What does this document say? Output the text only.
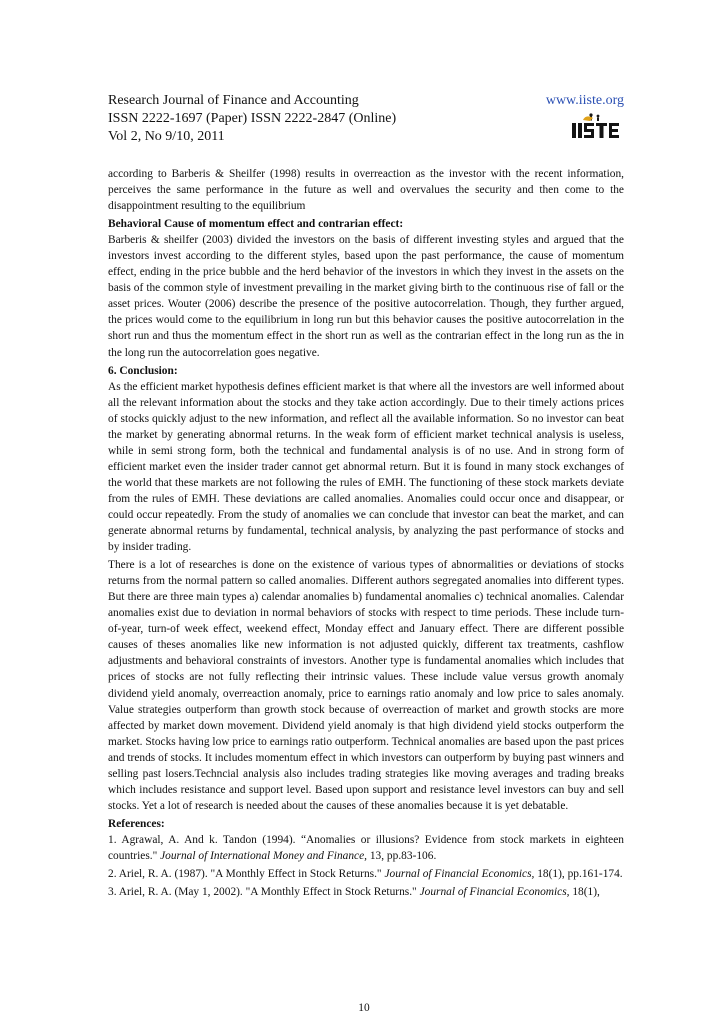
Research Journal of Finance and Accounting	www.iiste.org
ISSN 2222-1697 (Paper) ISSN 2222-2847 (Online)
Vol 2, No 9/10, 2011

according to Barberis & Sheilfer (1998) results in overreaction as the investor with the recent information, perceives the same performance in the future as well and overvalues the security and then come to the disappointment resulting to the equilibrium

Behavioral Cause of momentum effect and contrarian effect:

Barberis & sheilfer (2003) divided the investors on the basis of different investing styles and argued that the investors invest according to the different styles, based upon the past performance, the cause of momentum effect, ending in the price bubble and the herd behavior of the investors in which they invest in the assets on the basis of the common style of investment prevailing in the market giving birth to the continuous rise of fall or the asset prices. Wouter (2006) describe the presence of the positive autocorrelation. Though, they further argued, the prices would come to the equilibrium in long run but this behavior causes the positive autocorrelation in the short run and thus the momentum effect in the short run as well as the contrarian effect in the long run as the in the long run the autocorrelation goes negative.

6. Conclusion:

As the efficient market hypothesis defines efficient market is that where all the investors are well informed about all the relevant information about the stocks and they take action accordingly. Due to their timely actions prices of stocks quickly adjust to the new information, and reflect all the available information. So no investor can beat the market by generating abnormal returns. In the weak form of efficient market technical analysis is useless, while in semi strong form, both the technical and fundamental analysis is of no use. And in strong form of efficient market even the insider trader cannot get abnormal return. But it is found in many stock exchanges of the world that these markets are not following the rules of EMH. The functioning of these stock markets deviate from the rules of EMH. These deviations are called anomalies. Anomalies could occur once and disappear, or could occur repeatedly. From the study of anomalies we can conclude that investor can beat the market, and can generate abnormal returns by fundamental, technical analysis, by analyzing the past performance of stocks and by insider trading.

There is a lot of researches is done on the existence of various types of abnormalities or deviations of stocks returns from the normal pattern so called anomalies. Different authors segregated anomalies into different types. But there are three main types a) calendar anomalies b) fundamental anomalies c) technical anomalies. Calendar anomalies exist due to deviation in normal behaviors of stocks with respect to time periods. These include turn-of-year, turn-of week effect, weekend effect, Monday effect and January effect. There are different possible causes of theses anomalies like new information is not adjusted quickly, different tax treatments, cashflow adjustments and behavioral constraints of investors. Another type is fundamental anomalies which includes that prices of stocks are not fully reflecting their intrinsic values. These include value versus growth anomaly dividend yield anomaly, overreaction anomaly, price to earnings ratio anomaly and low price to sales anomaly. Value strategies outperform than growth stock because of overreaction of market and growth stocks are more affected by market down movement. Dividend yield anomaly is that high dividend yield stocks outperform the market. Stocks having low price to earnings ratio outperform. Technical anomalies are based upon the past prices and trends of stocks. It includes momentum effect in which investors can outperform by buying past winners and selling past losers.Techncial analysis also includes trading strategies like moving averages and trading breaks which includes resistance and support level. Based upon support and resistance level investors can buy and sell stocks. Yet a lot of research is needed about the causes of these anomalies because it is yet debatable.

References:

1. Agrawal, A. And k. Tandon (1994). “Anomalies or illusions? Evidence from stock markets in eighteen countries." Journal of International Money and Finance, 13, pp.83-106.

2. Ariel, R. A. (1987). "A Monthly Effect in Stock Returns." Journal of Financial Economics, 18(1), pp.161-174.

3. Ariel, R. A. (May 1, 2002). "A Monthly Effect in Stock Returns." Journal of Financial Economics, 18(1),

10
